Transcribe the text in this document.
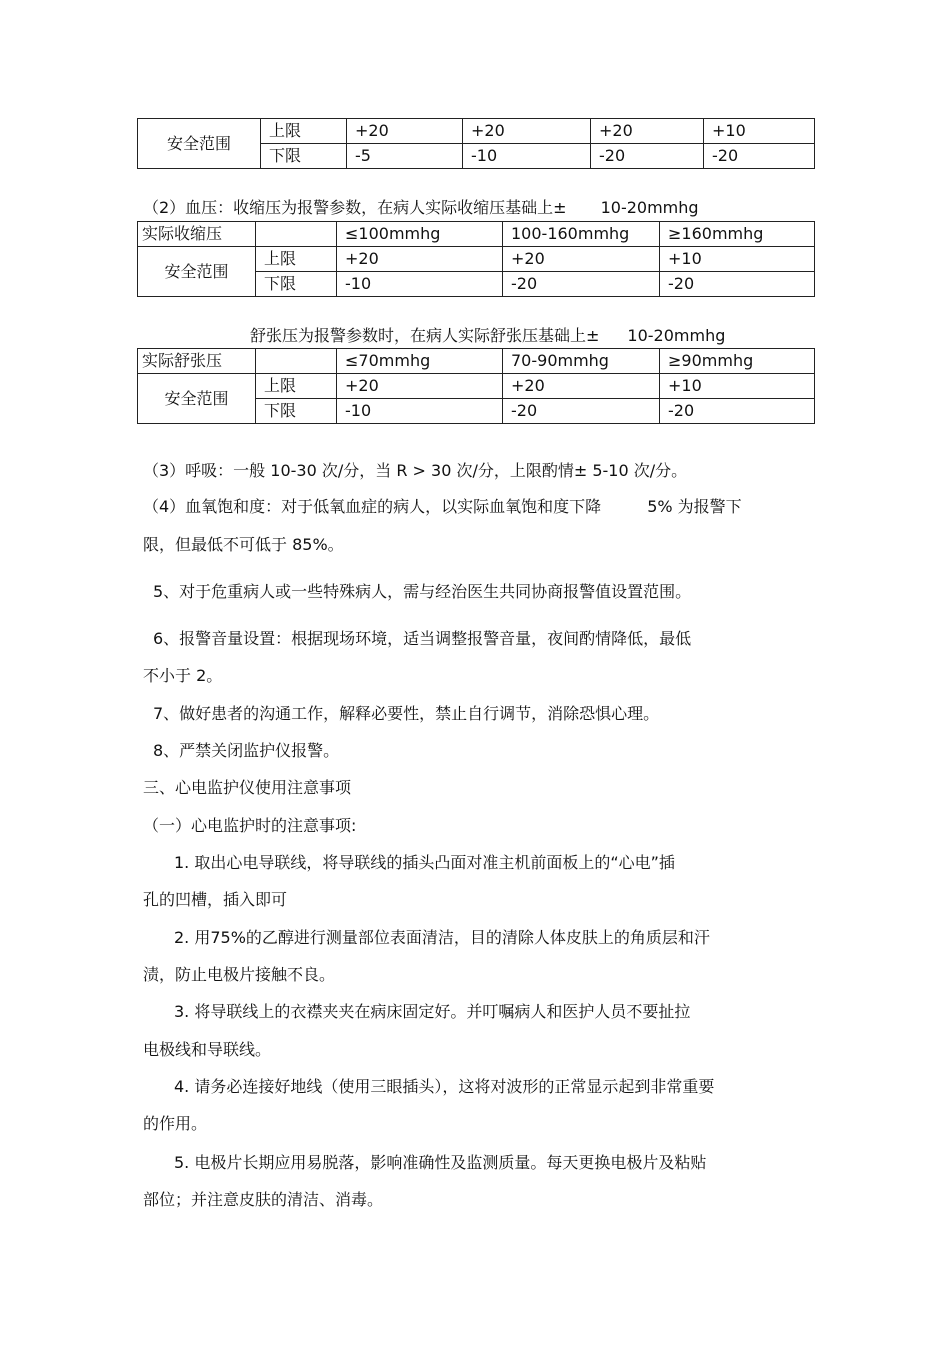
安全范围	上限	+20	+20	+20	+10
	下限	-5	-10	-20	-20
（2）血压：收缩压为报警参数，在病人实际收缩压基础上± 10-20mmhg
实际收缩压		≤100mmhg	100-160mmhg	≥160mmhg
安全范围	上限	+20	+20	+10
	下限	-10	-20	-20
舒张压为报警参数时，在病人实际舒张压基础上± 10-20mmhg
实际舒张压		≤70mmhg	70-90mmhg	≥90mmhg
安全范围	上限	+20	+20	+10
	下限	-10	-20	-20
（3）呼吸：一般 10-30 次/分，当 R > 30 次/分，上限酌情± 5-10 次/分。
（4）血氧饱和度：对于低氧血症的病人，以实际血氧饱和度下降	5% 为报警下
限，但最低不可低于 85%。
5、对于危重病人或一些特殊病人，需与经治医生共同协商报警值设置范围。
6、报警音量设置：根据现场环境，适当调整报警音量，夜间酌情降低，最低
不小于 2。
7、做好患者的沟通工作，解释必要性，禁止自行调节，消除恐惧心理。
8、严禁关闭监护仪报警。
三、心电监护仪使用注意事项
（一）心电监护时的注意事项:
1. 取出心电导联线，将导联线的插头凸面对准主机前面板上的“心电”插
孔的凹槽，插入即可
2. 用75%的乙醇进行测量部位表面清洁，目的清除人体皮肤上的角质层和汗
渍，防止电极片接触不良。
3. 将导联线上的衣襟夹夹在病床固定好。并叮嘱病人和医护人员不要扯拉
电极线和导联线。
4. 请务必连接好地线（使用三眼插头），这将对波形的正常显示起到非常重要
的作用。
5. 电极片长期应用易脱落，影响准确性及监测质量。每天更换电极片及粘贴
部位；并注意皮肤的清洁、消毒。
